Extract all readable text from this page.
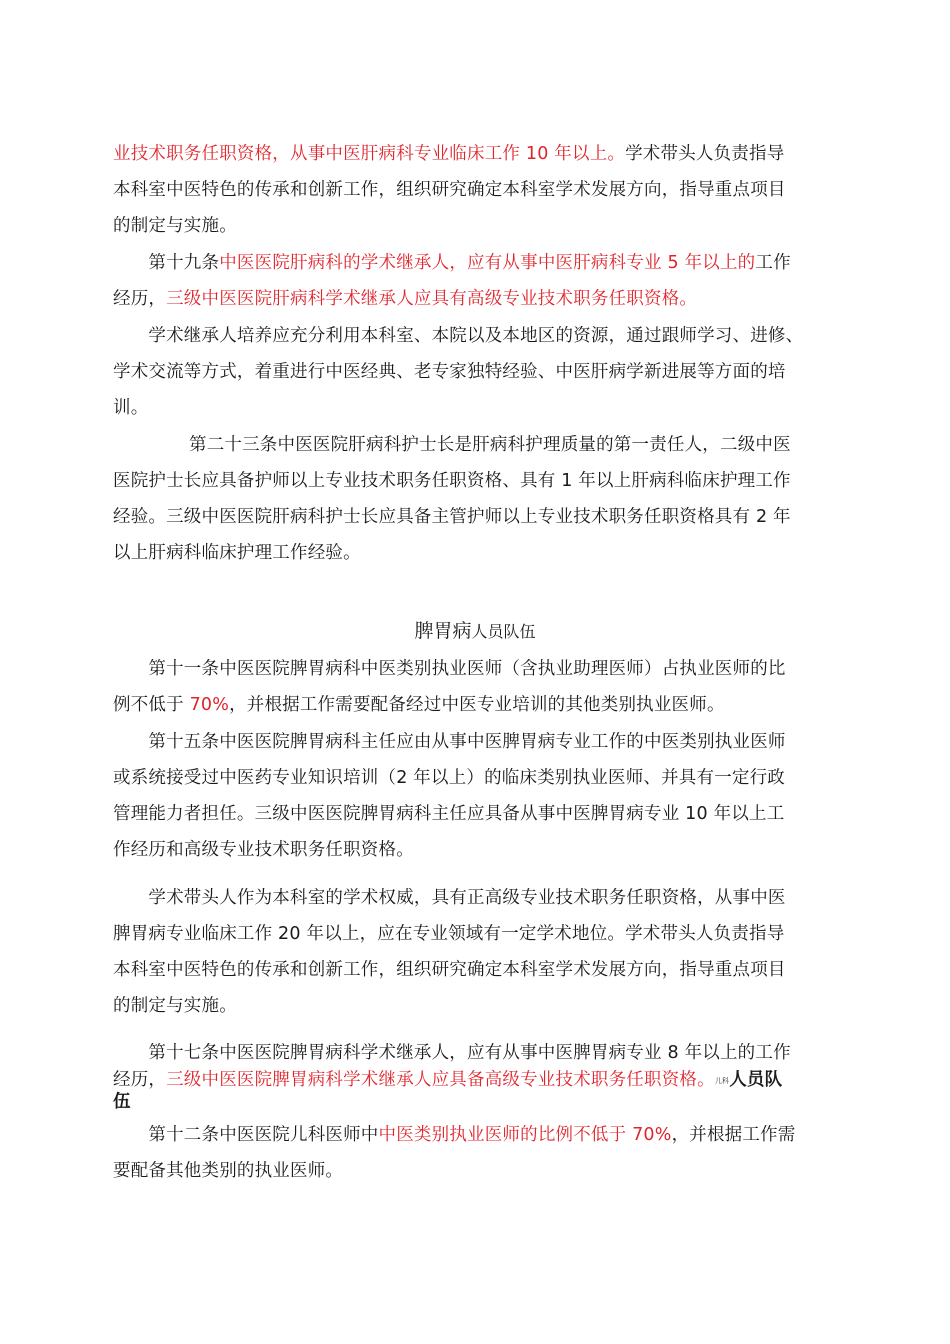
业技术职务任职资格，从事中医肝病科专业临床工作 10 年以上。学术带头人负责指导
本科室中医特色的传承和创新工作，组织研究确定本科室学术发展方向，指导重点项目
的制定与实施。
　　第十九条中医医院肝病科的学术继承人，应有从事中医肝病科专业 5 年以上的工作
经历，三级中医医院肝病科学术继承人应具有高级专业技术职务任职资格。
　　学术继承人培养应充分利用本科室、本院以及本地区的资源，通过跟师学习、进修、
学术交流等方式，着重进行中医经典、老专家独特经验、中医肝病学新进展等方面的培
训。
第二十三条中医医院肝病科护士长是肝病科护理质量的第一责任人，二级中医
医院护士长应具备护师以上专业技术职务任职资格、具有 1 年以上肝病科临床护理工作
经验。三级中医医院肝病科护士长应具备主管护师以上专业技术职务任职资格具有 2 年
以上肝病科临床护理工作经验。
脾胃病人员队伍
　　第十一条中医医院脾胃病科中医类别执业医师（含执业助理医师）占执业医师的比
例不低于 70%，并根据工作需要配备经过中医专业培训的其他类别执业医师。
　　第十五条中医医院脾胃病科主任应由从事中医脾胃病专业工作的中医类别执业医师
或系统接受过中医药专业知识培训（2 年以上）的临床类别执业医师、并具有一定行政
管理能力者担任。三级中医医院脾胃病科主任应具备从事中医脾胃病专业 10 年以上工
作经历和高级专业技术职务任职资格。
　　学术带头人作为本科室的学术权威，具有正高级专业技术职务任职资格，从事中医
脾胃病专业临床工作 20 年以上，应在专业领域有一定学术地位。学术带头人负责指导
本科室中医特色的传承和创新工作，组织研究确定本科室学术发展方向，指导重点项目
的制定与实施。
　　第十七条中医医院脾胃病科学术继承人，应有从事中医脾胃病专业 8 年以上的工作
经历，三级中医医院脾胃病科学术继承人应具备高级专业技术职务任职资格。儿科人员队
伍
　　第十二条中医医院儿科医师中中医类别执业医师的比例不低于 70%，并根据工作需
要配备其他类别的执业医师。
